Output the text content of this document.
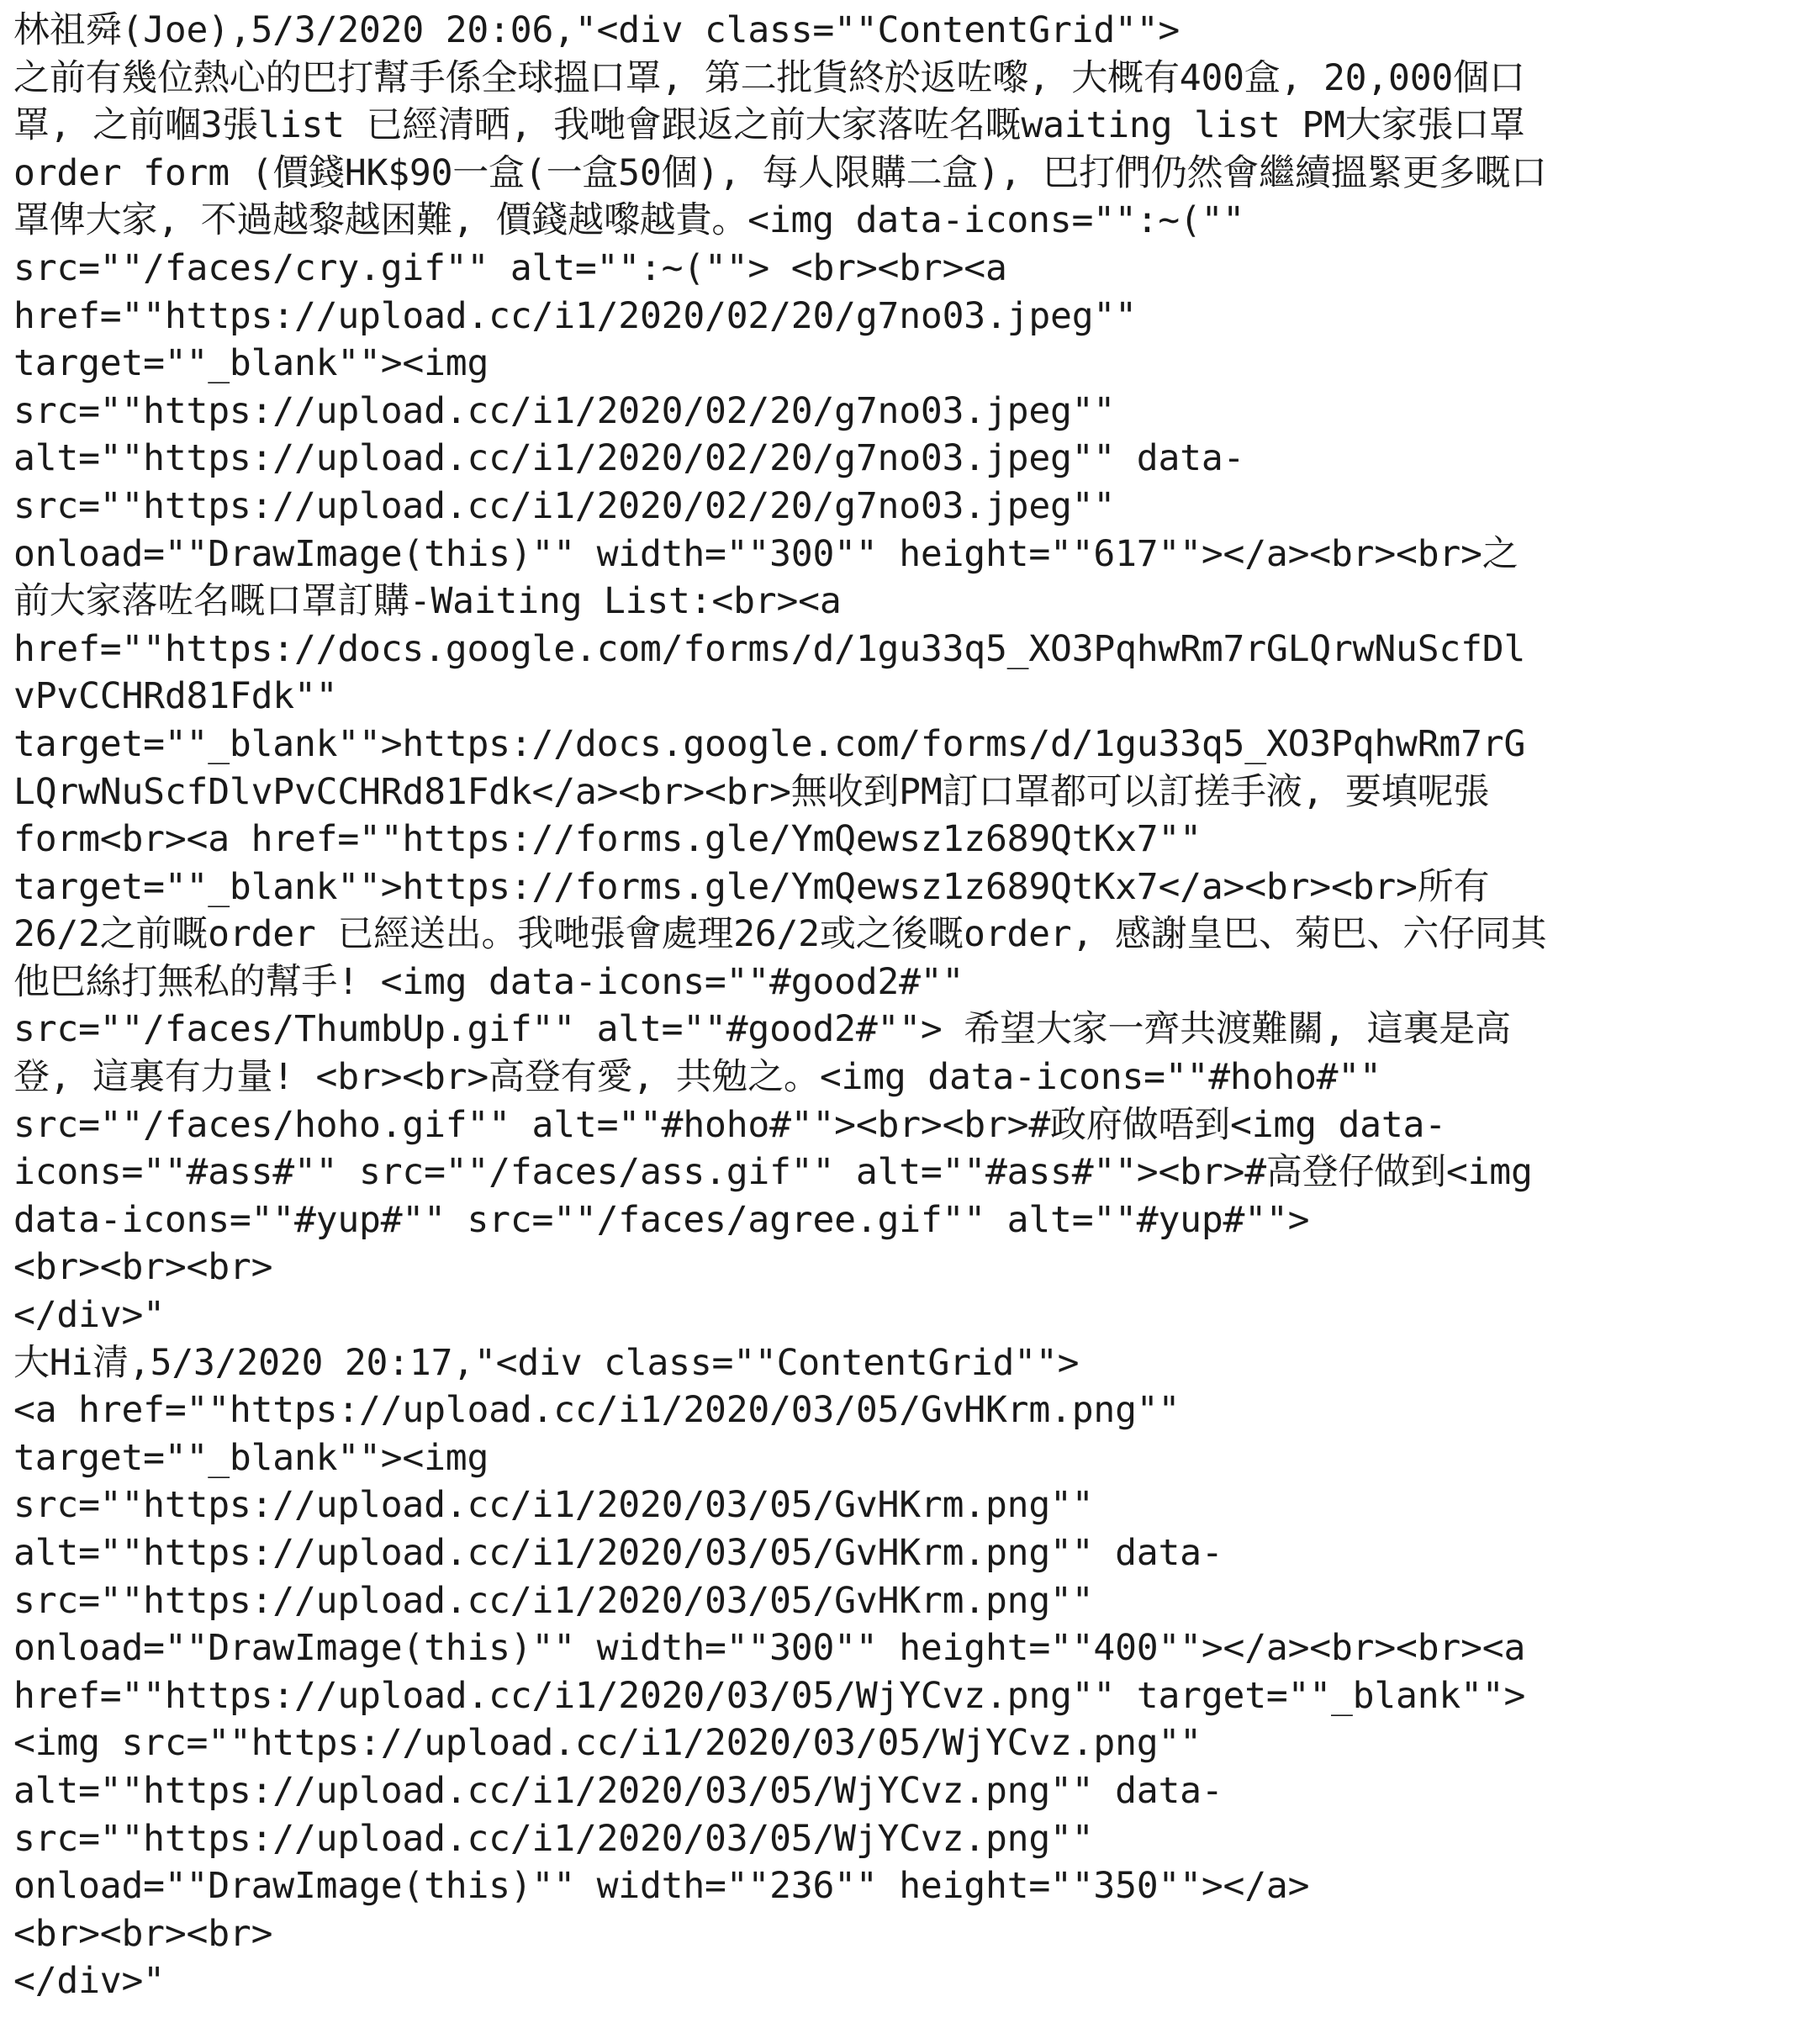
林祖舜(Joe),5/3/2020 20:06,"<div class=""ContentGrid"">
之前有幾位熱心的巴打幫手係全球搵口罩, 第二批貨終於返咗嚟, 大概有400盒, 20,000個口
罩, 之前嗰3張list 已經清晒, 我哋會跟返之前大家落咗名嘅waiting list PM大家張口罩
order form (價錢HK$90一盒(一盒50個), 每人限購二盒), 巴打們仍然會繼續搵緊更多嘅口
罩俾大家, 不過越黎越困難, 價錢越嚟越貴。<img data-icons="":~(""
src=""/faces/cry.gif"" alt="":~(""> <br><br><a
href=""https://upload.cc/i1/2020/02/20/g7no03.jpeg""
target=""_blank""><img
src=""https://upload.cc/i1/2020/02/20/g7no03.jpeg""
alt=""https://upload.cc/i1/2020/02/20/g7no03.jpeg"" data-
src=""https://upload.cc/i1/2020/02/20/g7no03.jpeg""
onload=""DrawImage(this)"" width=""300"" height=""617""></a><br><br>之
前大家落咗名嘅口罩訂購-Waiting List:<br><a
href=""https://docs.google.com/forms/d/1gu33q5_XO3PqhwRm7rGLQrwNuScfDl
vPvCCHRd81Fdk""
target=""_blank"">https://docs.google.com/forms/d/1gu33q5_XO3PqhwRm7rG
LQrwNuScfDlvPvCCHRd81Fdk</a><br><br>無收到PM訂口罩都可以訂搓手液, 要填呢張
form<br><a href=""https://forms.gle/YmQewsz1z689QtKx7""
target=""_blank"">https://forms.gle/YmQewsz1z689QtKx7</a><br><br>所有
26/2之前嘅order 已經送出。我哋張會處理26/2或之後嘅order, 感謝皇巴、菊巴、六仔同其
他巴絲打無私的幫手! <img data-icons=""#good2#""
src=""/faces/ThumbUp.gif"" alt=""#good2#""> 希望大家一齊共渡難關, 這裏是高
登, 這裏有力量! <br><br>高登有愛, 共勉之。<img data-icons=""#hoho#""
src=""/faces/hoho.gif"" alt=""#hoho#""><br><br>#政府做唔到<img data-
icons=""#ass#"" src=""/faces/ass.gif"" alt=""#ass#""><br>#高登仔做到<img
data-icons=""#yup#"" src=""/faces/agree.gif"" alt=""#yup#"">
<br><br><br>
</div>"
大Hi清,5/3/2020 20:17,"<div class=""ContentGrid"">
<a href=""https://upload.cc/i1/2020/03/05/GvHKrm.png""
target=""_blank""><img
src=""https://upload.cc/i1/2020/03/05/GvHKrm.png""
alt=""https://upload.cc/i1/2020/03/05/GvHKrm.png"" data-
src=""https://upload.cc/i1/2020/03/05/GvHKrm.png""
onload=""DrawImage(this)"" width=""300"" height=""400""></a><br><br><a
href=""https://upload.cc/i1/2020/03/05/WjYCvz.png"" target=""_blank"">
<img src=""https://upload.cc/i1/2020/03/05/WjYCvz.png""
alt=""https://upload.cc/i1/2020/03/05/WjYCvz.png"" data-
src=""https://upload.cc/i1/2020/03/05/WjYCvz.png""
onload=""DrawImage(this)"" width=""236"" height=""350""></a>
<br><br><br>
</div>"
